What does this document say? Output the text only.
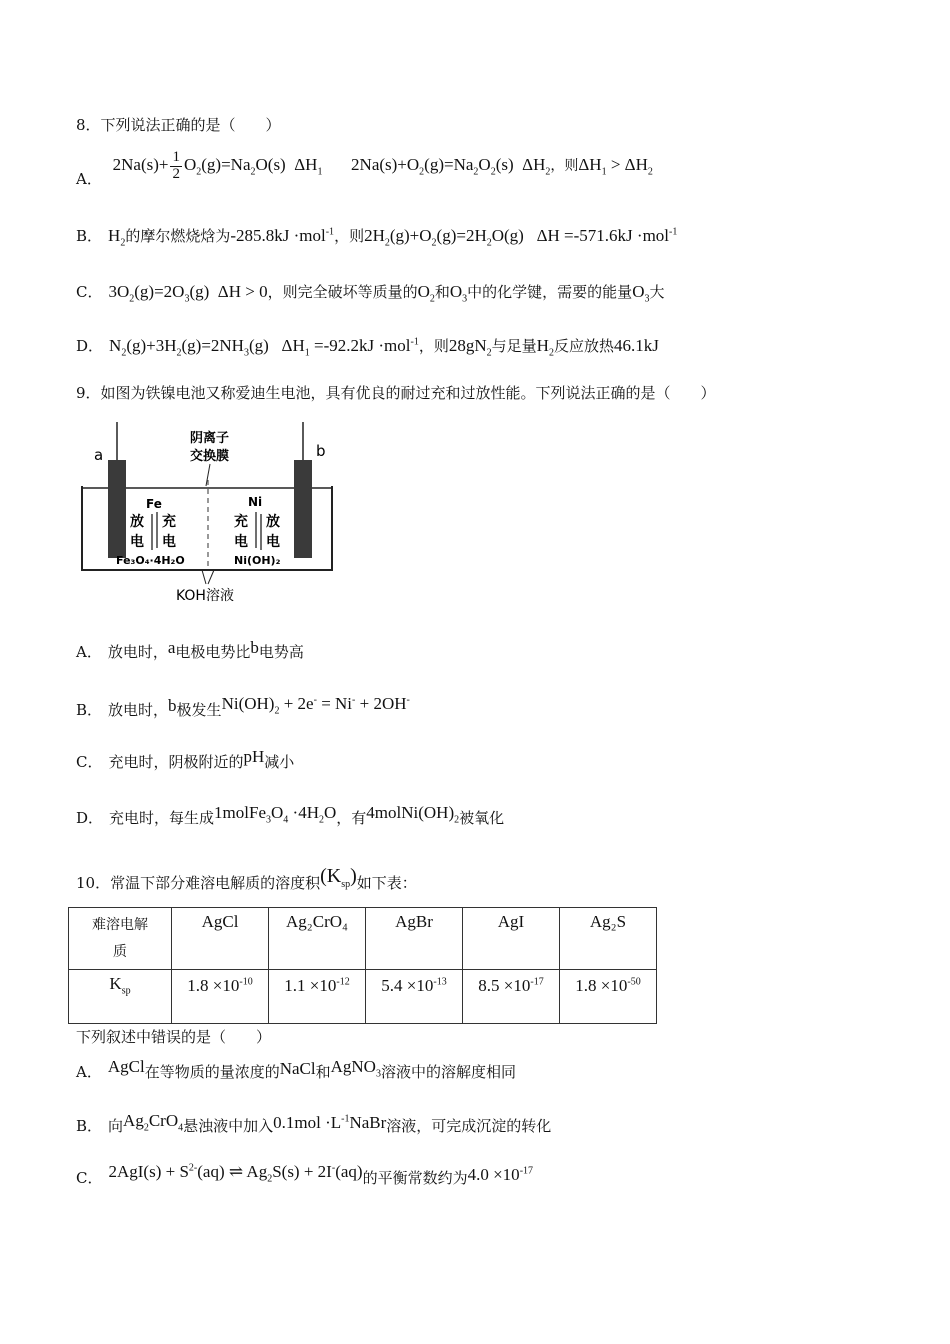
8．下列说法正确的是（　　）
A． $2Na(s)+ \frac{1}{2} O_2(g)=Na_2O(s)$ $\Delta H_1$ $2Na(s)+O_2(g)=Na_2O_2(s)$ $\Delta H_2$，则$\Delta H_1 > \Delta H_2$
B． $H_2$的摩尔燃烧焓为-285.8kJ ·mol$^{-1}$，则$2H_2(g)+O_2(g)=2H_2O(g)$ ΔH =-571.6kJ ·mol$^{-1}$
C． $3O_2(g)=2O_3(g) \Delta H > 0$，则完全破坏等质量的$O_2$和$O_3$中的化学键，需要的能量$O_3$大
D． $N_2(g)+3H_2(g)=2NH_3(g)$ $\Delta H_1 =-92.2kJ \cdot mol^{-1}$，则$28gN_2$与足量$H_2$反应放热46.1kJ
9．如图为铁镍电池又称爱迪生电池，具有优良的耐过充和过放性能。下列说法正确的是（　　）
a	b
阴离子
交换膜
Fe	Ni
放
电
充
电
充
电
放
电
Fe₃O₄·4H₂O	Ni(OH)₂
KOH溶液
A． 放电时，a电极电势比b电势高
B． 放电时，b极发生$Ni(OH)_2 + 2e^- = Ni^- + 2OH^-$
C． 充电时，阴极附近的pH减小
D． 充电时，每生成$1molFe_3O_4 \cdot 4H_2O$，有$4molNi(OH)_2$被氧化
10．常温下部分难溶电解质的溶度积$(K_{sp})$如下表：
难溶电解
质	AgCl	Ag₂CrO₄	AgBr	AgI	Ag₂S
$K_{sp}$	$1.8 \times 10^{-10}$	$1.1 \times 10^{-12}$	$5.4 \times 10^{-13}$	$8.5 \times 10^{-17}$	$1.8 \times 10^{-50}$
下列叙述中错误的是（　　）
A． AgCl在等物质的量浓度的NaCl和AgNO$_3$溶液中的溶解度相同
B． 向$Ag_2CrO_4$悬浊液中加入$0.1mol \cdot L^{-1}NaBr$溶液，可完成沉淀的转化
C． $2AgI(s) + S^{2-}(aq)$ ⇌ $Ag_2S(s) + 2I^-(aq)$的平衡常数约为$4.0 \times 10^{-17}$
